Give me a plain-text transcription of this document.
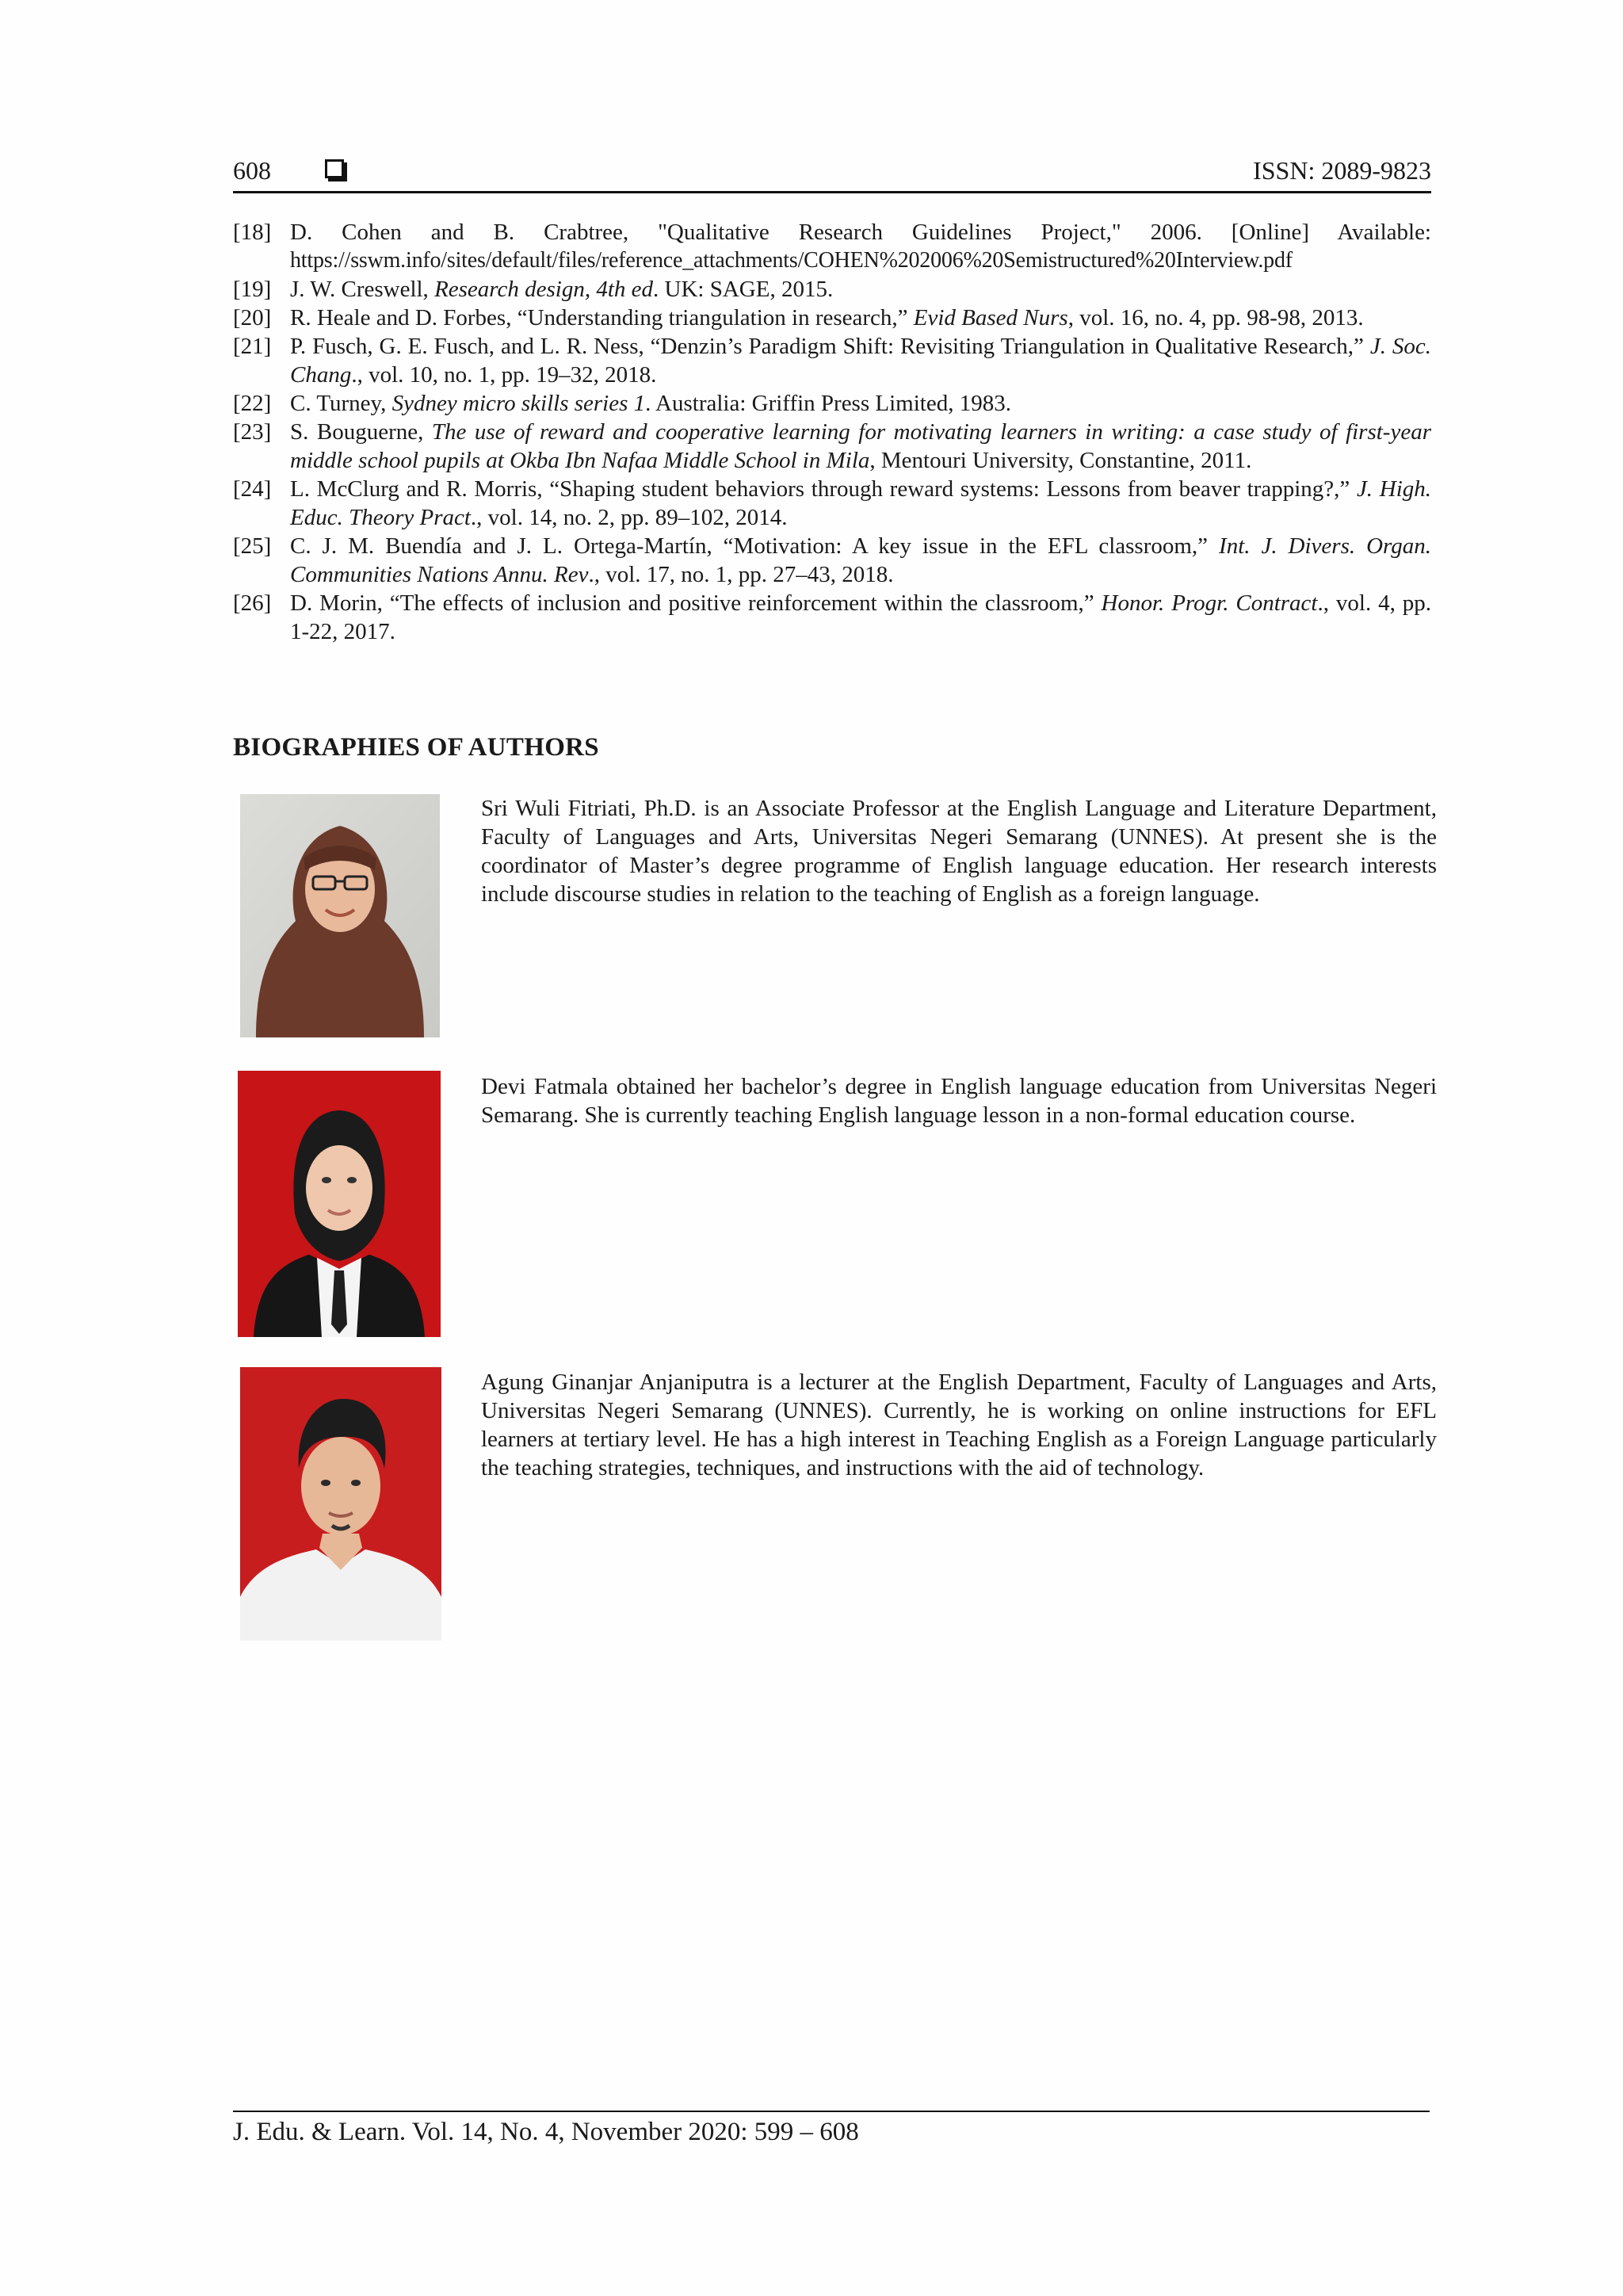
608	ISSN: 2089-9823
[18] D. Cohen and B. Crabtree, "Qualitative Research Guidelines Project," 2006. [Online] Available:
https://sswm.info/sites/default/files/reference_attachments/COHEN%202006%20Semistructured%20Interview.pdf
[19] J. W. Creswell, Research design, 4th ed. UK: SAGE, 2015.
[20] R. Heale and D. Forbes, “Understanding triangulation in research,” Evid Based Nurs, vol. 16, no. 4, pp. 98-98, 2013.
[21] P. Fusch, G. E. Fusch, and L. R. Ness, “Denzin’s Paradigm Shift: Revisiting Triangulation in Qualitative Research,” J. Soc. Chang., vol. 10, no. 1, pp. 19–32, 2018.
[22] C. Turney, Sydney micro skills series 1. Australia: Griffin Press Limited, 1983.
[23] S. Bouguerne, The use of reward and cooperative learning for motivating learners in writing: a case study of first-year middle school pupils at Okba Ibn Nafaa Middle School in Mila, Mentouri University, Constantine, 2011.
[24] L. McClurg and R. Morris, “Shaping student behaviors through reward systems: Lessons from beaver trapping?,” J. High. Educ. Theory Pract., vol. 14, no. 2, pp. 89–102, 2014.
[25] C. J. M. Buendía and J. L. Ortega-Martín, “Motivation: A key issue in the EFL classroom,” Int. J. Divers. Organ. Communities Nations Annu. Rev., vol. 17, no. 1, pp. 27–43, 2018.
[26] D. Morin, “The effects of inclusion and positive reinforcement within the classroom,” Honor. Progr. Contract., vol. 4, pp. 1-22, 2017.
BIOGRAPHIES OF AUTHORS
Sri Wuli Fitriati, Ph.D. is an Associate Professor at the English Language and Literature Department, Faculty of Languages and Arts, Universitas Negeri Semarang (UNNES). At present she is the coordinator of Master’s degree programme of English language education. Her research interests include discourse studies in relation to the teaching of English as a foreign language.
Devi Fatmala obtained her bachelor’s degree in English language education from Universitas Negeri Semarang. She is currently teaching English language lesson in a non-formal education course.
Agung Ginanjar Anjaniputra is a lecturer at the English Department, Faculty of Languages and Arts, Universitas Negeri Semarang (UNNES). Currently, he is working on online instructions for EFL learners at tertiary level. He has a high interest in Teaching English as a Foreign Language particularly the teaching strategies, techniques, and instructions with the aid of technology.
J. Edu. & Learn. Vol. 14, No. 4, November 2020: 599 – 608
